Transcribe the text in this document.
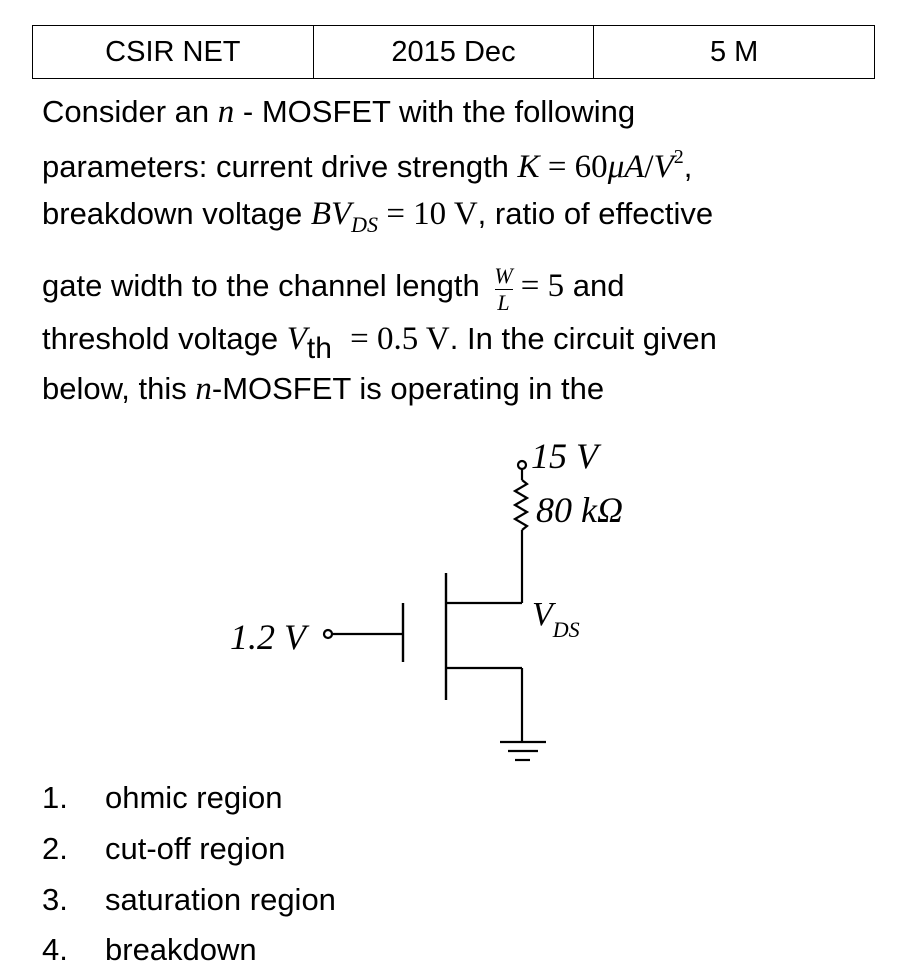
CSIR NET	2015 Dec	5 M
Consider an n - MOSFET with the following
parameters: current drive strength $K = 60\mu A/V^2$,
breakdown voltage $BV_{DS} = 10$ V, ratio of effective
gate width to the channel length $\frac{W}{L} = 5$ and
threshold voltage Vth = 0.5 V. In the circuit given
below, this n-MOSFET is operating in the
15 V
80 kΩ
$V_{DS}$
1.2 V
1. ohmic region
2. cut-off region
3. saturation region
4. breakdown
